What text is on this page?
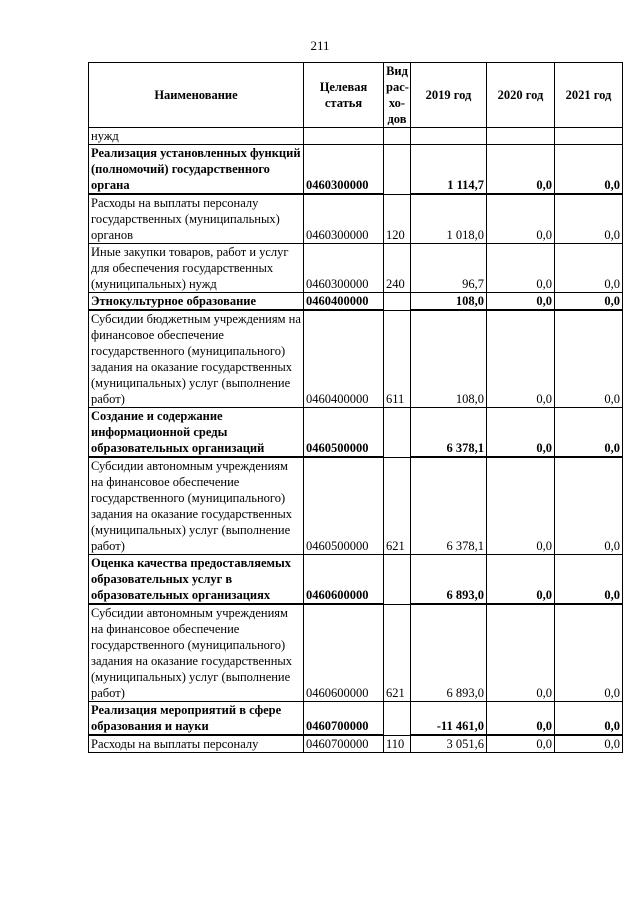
211
Наименование	Целевая статья	Вид рас-хо-дов	2019 год	2020 год	2021 год
нужд					
Реализация установленных функций (полномочий) государственного органа	0460300000		1 114,7	0,0	0,0
Расходы на выплаты персоналу государственных (муниципальных) органов	0460300000	120	1 018,0	0,0	0,0
Иные закупки товаров, работ и услуг для обеспечения государственных (муниципальных) нужд	0460300000	240	96,7	0,0	0,0
Этнокультурное образование	0460400000		108,0	0,0	0,0
Субсидии бюджетным учреждениям на финансовое обеспечение государственного (муниципального) задания на оказание государственных (муниципальных) услуг (выполнение работ)	0460400000	611	108,0	0,0	0,0
Создание и содержание информационной среды образовательных организаций	0460500000		6 378,1	0,0	0,0
Субсидии автономным учреждениям на финансовое обеспечение государственного (муниципального) задания на оказание государственных (муниципальных) услуг (выполнение работ)	0460500000	621	6 378,1	0,0	0,0
Оценка качества предоставляемых образовательных услуг в образовательных организациях	0460600000		6 893,0	0,0	0,0
Субсидии автономным учреждениям на финансовое обеспечение государственного (муниципального) задания на оказание государственных (муниципальных) услуг (выполнение работ)	0460600000	621	6 893,0	0,0	0,0
Реализация мероприятий в сфере образования и науки	0460700000		-11 461,0	0,0	0,0
Расходы на выплаты персоналу	0460700000	110	3 051,6	0,0	0,0
